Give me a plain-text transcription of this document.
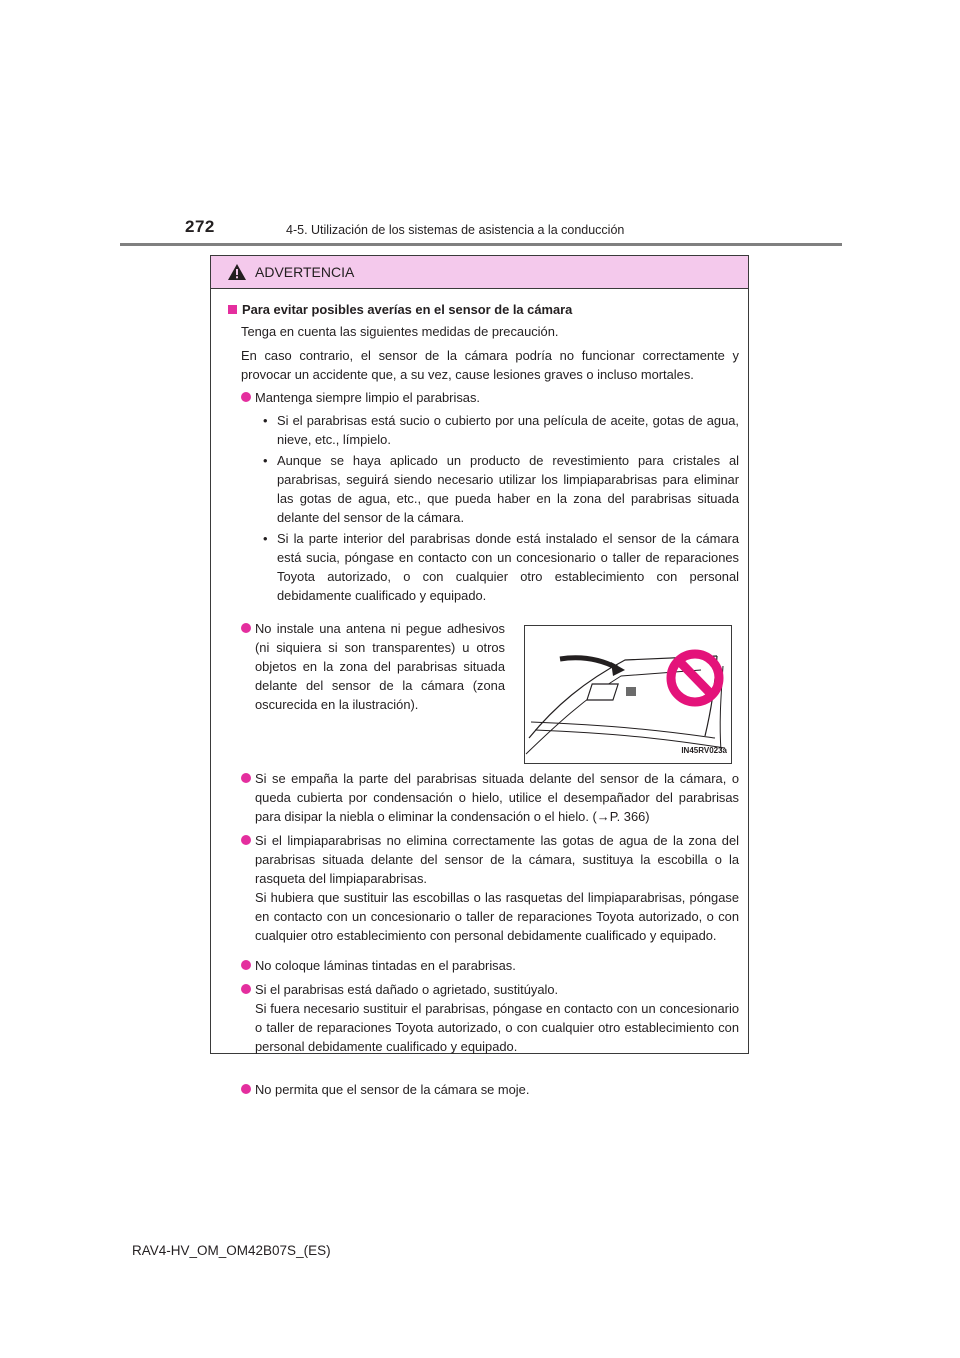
272	4-5. Utilización de los sistemas de asistencia a la conducción
ADVERTENCIA
Para evitar posibles averías en el sensor de la cámara
Tenga en cuenta las siguientes medidas de precaución.
En caso contrario, el sensor de la cámara podría no funcionar correctamente y provocar un accidente que, a su vez, cause lesiones graves o incluso mortales.
Mantenga siempre limpio el parabrisas.
• Si el parabrisas está sucio o cubierto por una película de aceite, gotas de agua, nieve, etc., límpielo.
• Aunque se haya aplicado un producto de revestimiento para cristales al parabrisas, seguirá siendo necesario utilizar los limpiaparabrisas para eliminar las gotas de agua, etc., que pueda haber en la zona del parabrisas situada delante del sensor de la cámara.
• Si la parte interior del parabrisas donde está instalado el sensor de la cámara está sucia, póngase en contacto con un concesionario o taller de reparaciones Toyota autorizado, o con cualquier otro establecimiento con personal debidamente cualificado y equipado.
No instale una antena ni pegue adhesivos (ni siquiera si son transparentes) u otros objetos en la zona del parabrisas situada delante del sensor de la cámara (zona oscurecida en la ilustración).
IN45RV023a
Si se empaña la parte del parabrisas situada delante del sensor de la cámara, o queda cubierta por condensación o hielo, utilice el desempañador del parabrisas para disipar la niebla o eliminar la condensación o el hielo. (→P. 366)
Si el limpiaparabrisas no elimina correctamente las gotas de agua de la zona del parabrisas situada delante del sensor de la cámara, sustituya la escobilla o la rasqueta del limpiaparabrisas.
Si hubiera que sustituir las escobillas o las rasquetas del limpiaparabrisas, póngase en contacto con un concesionario o taller de reparaciones Toyota autorizado, o con cualquier otro establecimiento con personal debidamente cualificado y equipado.
No coloque láminas tintadas en el parabrisas.
Si el parabrisas está dañado o agrietado, sustitúyalo.
Si fuera necesario sustituir el parabrisas, póngase en contacto con un concesionario o taller de reparaciones Toyota autorizado, o con cualquier otro establecimiento con personal debidamente cualificado y equipado.
No permita que el sensor de la cámara se moje.
RAV4-HV_OM_OM42B07S_(ES)
